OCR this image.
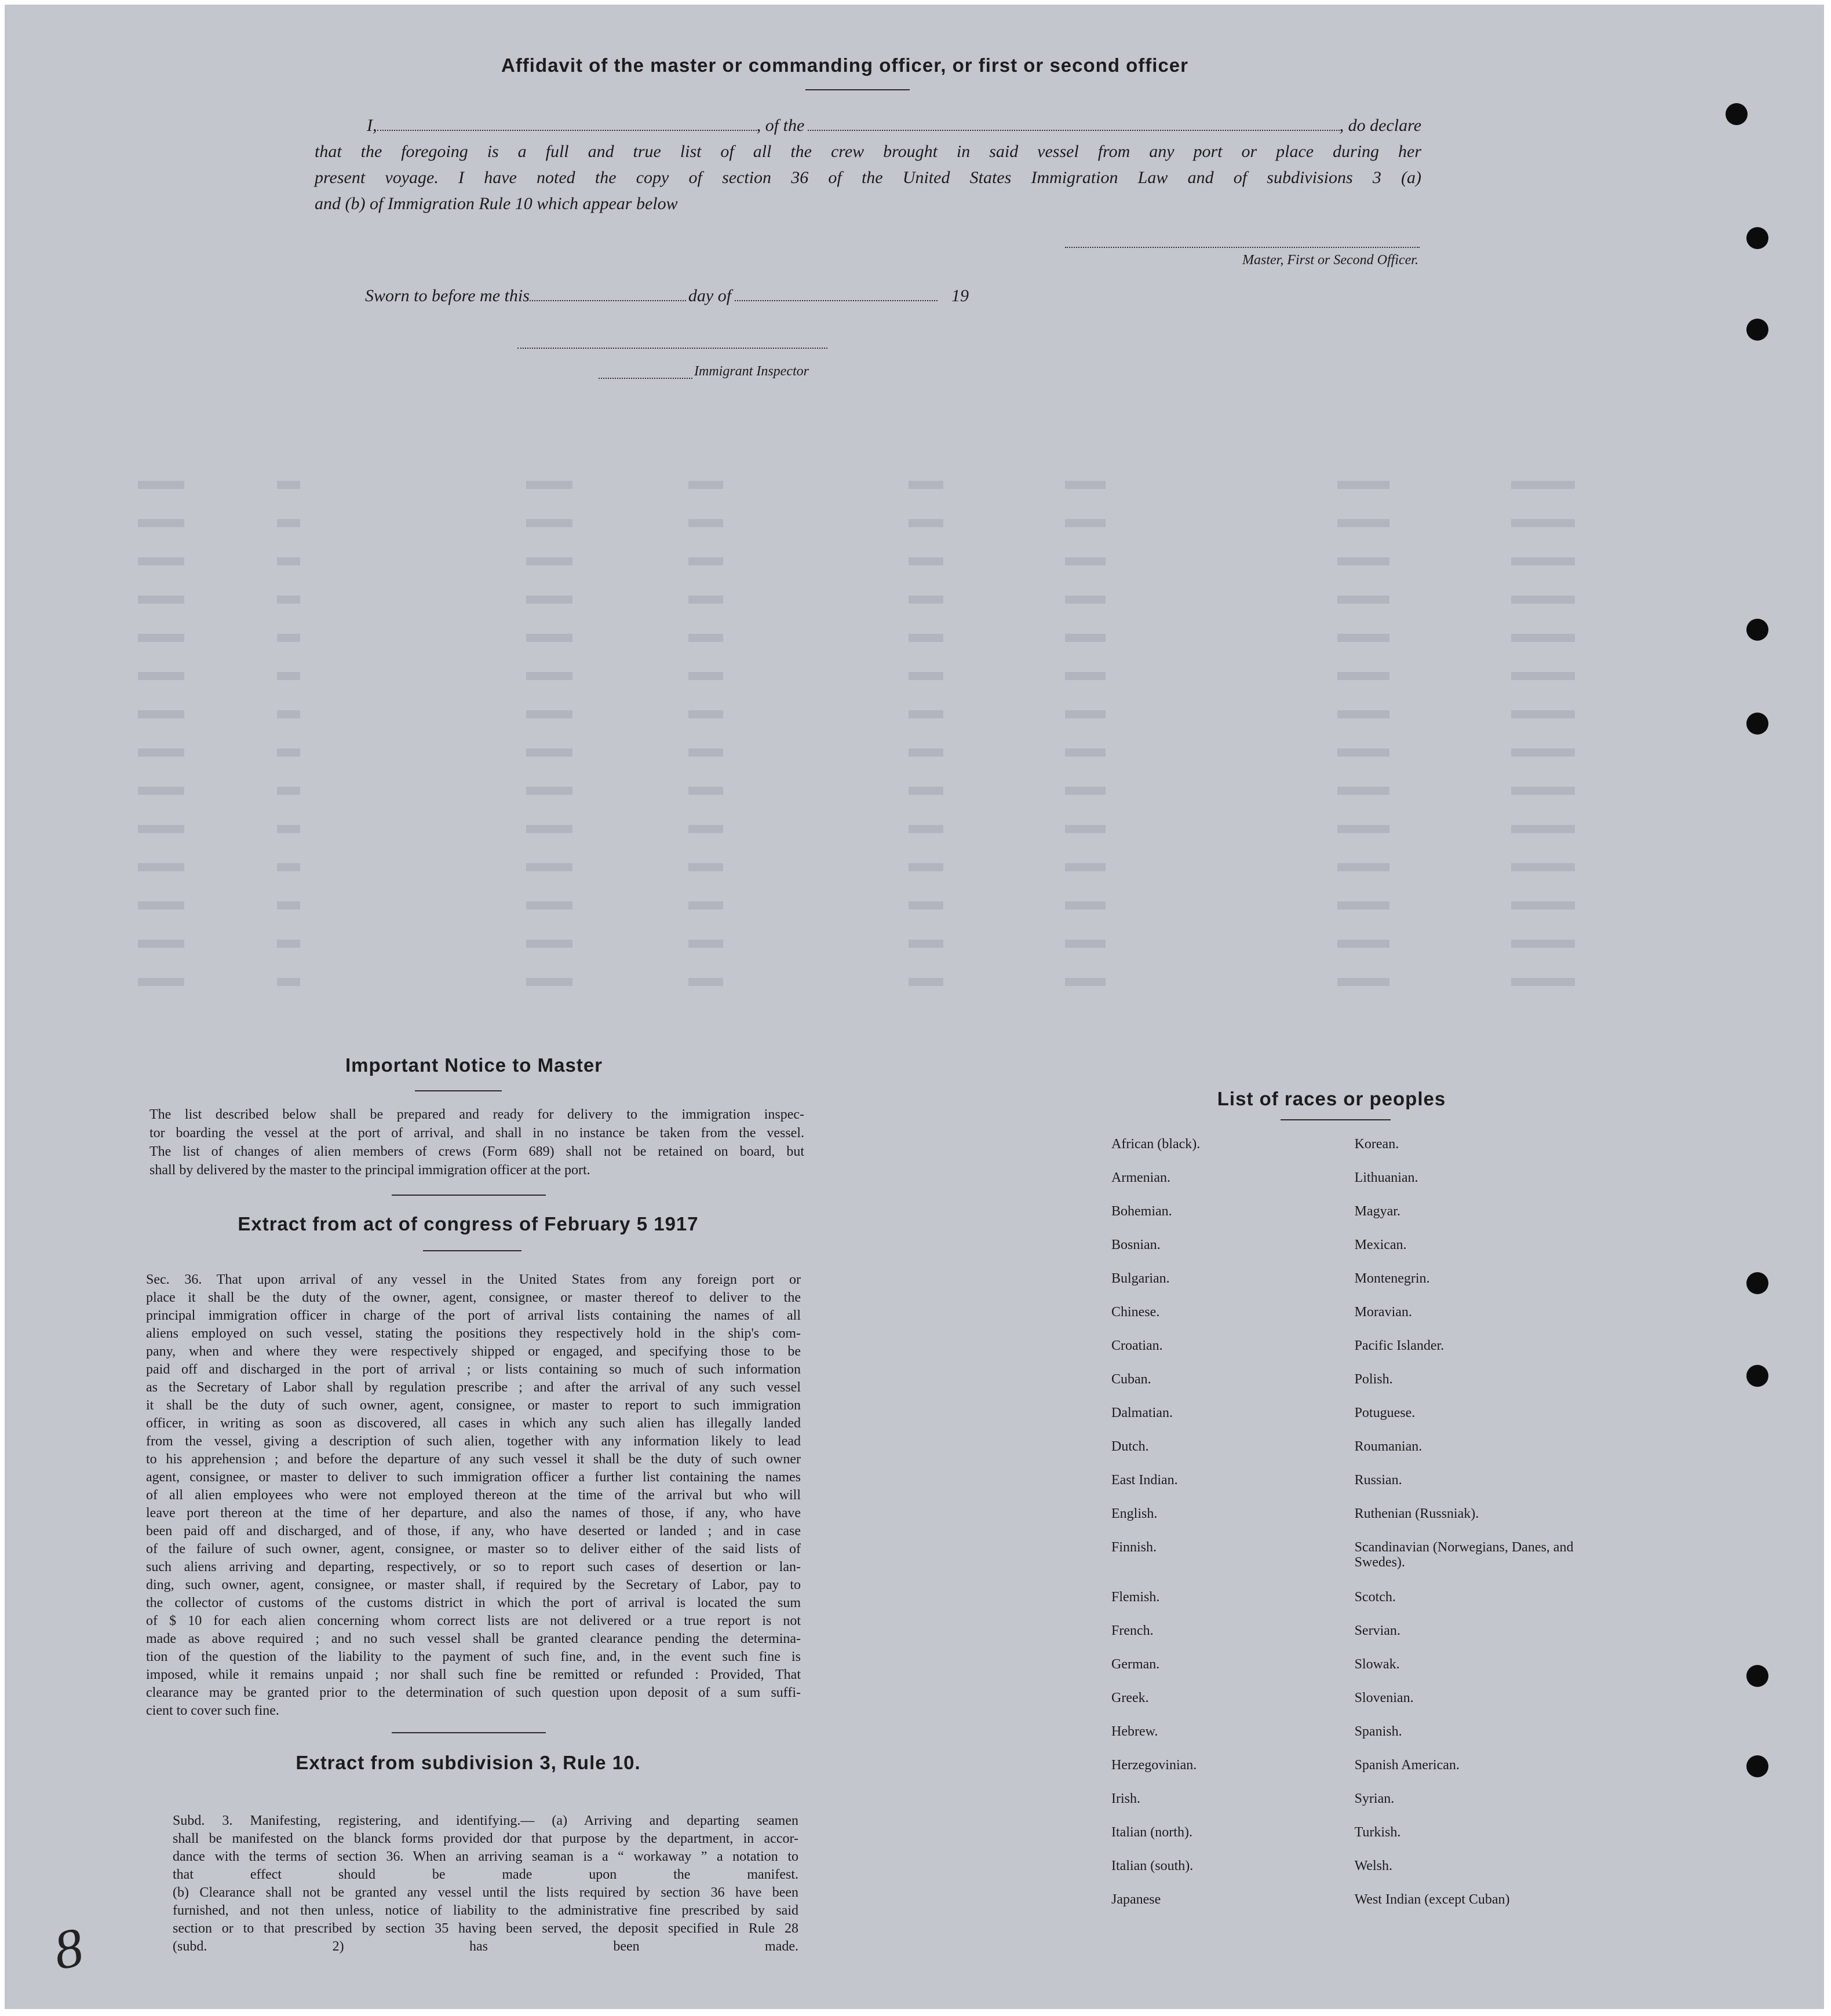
Affidavit of the master or commanding officer, or first or second officer
I,	, of the	, do declare
that the foregoing is a full and true list of all the crew brought in said vessel from any port or place during her
present voyage. I have noted the copy of section 36 of the United States Immigration Law and of subdivisions 3 (a)
and (b) of Immigration Rule 10 which appear below
Master, First or Second Officer.
Sworn to before me this	day of	19
Immigrant Inspector
Important Notice to Master
The list described below shall be prepared and ready for delivery to the immigration inspec-
tor boarding the vessel at the port of arrival, and shall in no instance be taken from the vessel.
The list of changes of alien members of crews (Form 689) shall not be retained on board, but
shall by delivered by the master to the principal immigration officer at the port.
Extract from act of congress of February 5 1917
Sec. 36. That upon arrival of any vessel in the United States from any foreign port or
place it shall be the duty of the owner, agent, consignee, or master thereof to deliver to the
principal immigration officer in charge of the port of arrival lists containing the names of all
aliens employed on such vessel, stating the positions they respectively hold in the ship's com-
pany, when and where they were respectively shipped or engaged, and specifying those to be
paid off and discharged in the port of arrival ; or lists containing so much of such information
as the Secretary of Labor shall by regulation prescribe ; and after the arrival of any such vessel
it shall be the duty of such owner, agent, consignee, or master to report to such immigration
officer, in writing as soon as discovered, all cases in which any such alien has illegally landed
from the vessel, giving a description of such alien, together with any information likely to lead
to his apprehension ; and before the departure of any such vessel it shall be the duty of such owner
agent, consignee, or master to deliver to such immigration officer a further list containing the names
of all alien employees who were not employed thereon at the time of the arrival but who will
leave port thereon at the time of her departure, and also the names of those, if any, who have
been paid off and discharged, and of those, if any, who have deserted or landed ; and in case
of the failure of such owner, agent, consignee, or master so to deliver either of the said lists of
such aliens arriving and departing, respectively, or so to report such cases of desertion or lan-
ding, such owner, agent, consignee, or master shall, if required by the Secretary of Labor, pay to
the collector of customs of the customs district in which the port of arrival is located the sum
of $ 10 for each alien concerning whom correct lists are not delivered or a true report is not
made as above required ; and no such vessel shall be granted clearance pending the determina-
tion of the question of the liability to the payment of such fine, and, in the event such fine is
imposed, while it remains unpaid ; nor shall such fine be remitted or refunded : Provided, That
clearance may be granted prior to the determination of such question upon deposit of a sum suffi-
cient to cover such fine.
Extract from subdivision 3, Rule 10.
Subd. 3. Manifesting, registering, and identifying.— (a) Arriving and departing seamen
shall be manifested on the blanck forms provided dor that purpose by the department, in accor-
dance with the terms of section 36. When an arriving seaman is a “ workaway ” a notation to
that effect should be made upon the manifest.
(b) Clearance shall not be granted any vessel until the lists required by section 36 have been
furnished, and not then unless, notice of liability to the administrative fine prescribed by said
section or to that prescribed by section 35 having been served, the deposit specified in Rule 28
(subd. 2) has been made.
8
List of races or peoples
African (black).	Korean.
Armenian.	Lithuanian.
Bohemian.	Magyar.
Bosnian.	Mexican.
Bulgarian.	Montenegrin.
Chinese.	Moravian.
Croatian.	Pacific Islander.
Cuban.	Polish.
Dalmatian.	Potuguese.
Dutch.	Roumanian.
East Indian.	Russian.
English.	Ruthenian (Russniak).
Finnish.	Scandinavian (Norwegians, Danes, and Swedes).
Flemish.	Scotch.
French.	Servian.
German.	Slowak.
Greek.	Slovenian.
Hebrew.	Spanish.
Herzegovinian.	Spanish American.
Irish.	Syrian.
Italian (north).	Turkish.
Italian (south).	Welsh.
Japanese	West Indian (except Cuban)
